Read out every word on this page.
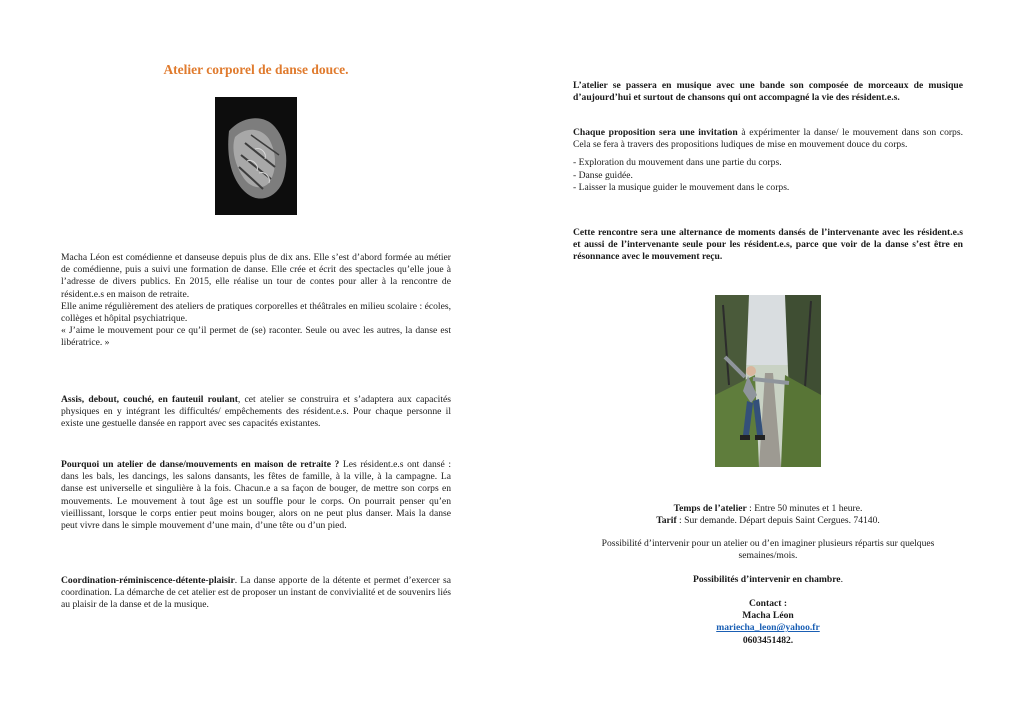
Atelier corporel de danse douce.

Macha Léon est comédienne et danseuse depuis plus de dix ans. Elle s’est d’abord formée au métier de comédienne, puis a suivi une formation de danse. Elle crée et écrit des spectacles qu’elle joue à l’adresse de divers publics. En 2015, elle réalise un tour de contes pour aller à la rencontre de résident.e.s en maison de retraite.

Elle anime régulièrement des ateliers de pratiques corporelles et théâtrales en milieu scolaire : écoles, collèges et hôpital psychiatrique.

« J’aime le mouvement pour ce qu’il permet de (se) raconter. Seule ou avec les autres, la danse est libératrice. »

Assis, debout, couché, en fauteuil roulant, cet atelier se construira et s’adaptera aux capacités physiques en y intégrant les difficultés/ empêchements des résident.e.s. Pour chaque personne il existe une gestuelle dansée en rapport avec ses capacités existantes.

Pourquoi un atelier de danse/mouvements en maison de retraite ? Les résident.e.s ont dansé : dans les bals, les dancings, les salons dansants, les fêtes de famille, à la ville, à la campagne. La danse est universelle et singulière à la fois. Chacun.e a sa façon de bouger, de mettre son corps en mouvements. Le mouvement à tout âge est un souffle pour le corps. On pourrait penser qu’en vieillissant, lorsque le corps entier peut moins bouger, alors on ne peut plus danser. Mais la danse peut vivre dans le simple mouvement d’une main, d’une tête ou d’un pied.

Coordination-réminiscence-détente-plaisir. La danse apporte de la détente et permet d’exercer sa coordination. La démarche de cet atelier est de proposer un instant de convivialité et de souvenirs liés au plaisir de la danse et de la musique.

L’atelier se passera en musique avec une bande son composée de morceaux de musique d’aujourd’hui et surtout de chansons qui ont accompagné la vie des résident.e.s.

Chaque proposition sera une invitation à expérimenter la danse/ le mouvement dans son corps. Cela se fera à travers des propositions ludiques de mise en mouvement douce du corps.

- Exploration du mouvement dans une partie du corps.
- Danse guidée.
- Laisser la musique guider le mouvement dans le corps.

Cette rencontre sera une alternance de moments dansés de l’intervenante avec les résident.e.s et aussi de l’intervenante seule pour les résident.e.s, parce que voir de la danse s’est être en résonnance avec le mouvement reçu.

Temps de l’atelier : Entre 50 minutes et 1 heure.

Tarif : Sur demande. Départ depuis Saint Cergues. 74140.

Possibilité d’intervenir pour un atelier ou d’en imaginer plusieurs répartis sur quelques semaines/mois.

Possibilités d’intervenir en chambre.

Contact :

Macha Léon

mariecha_leon@yahoo.fr

0603451482.
